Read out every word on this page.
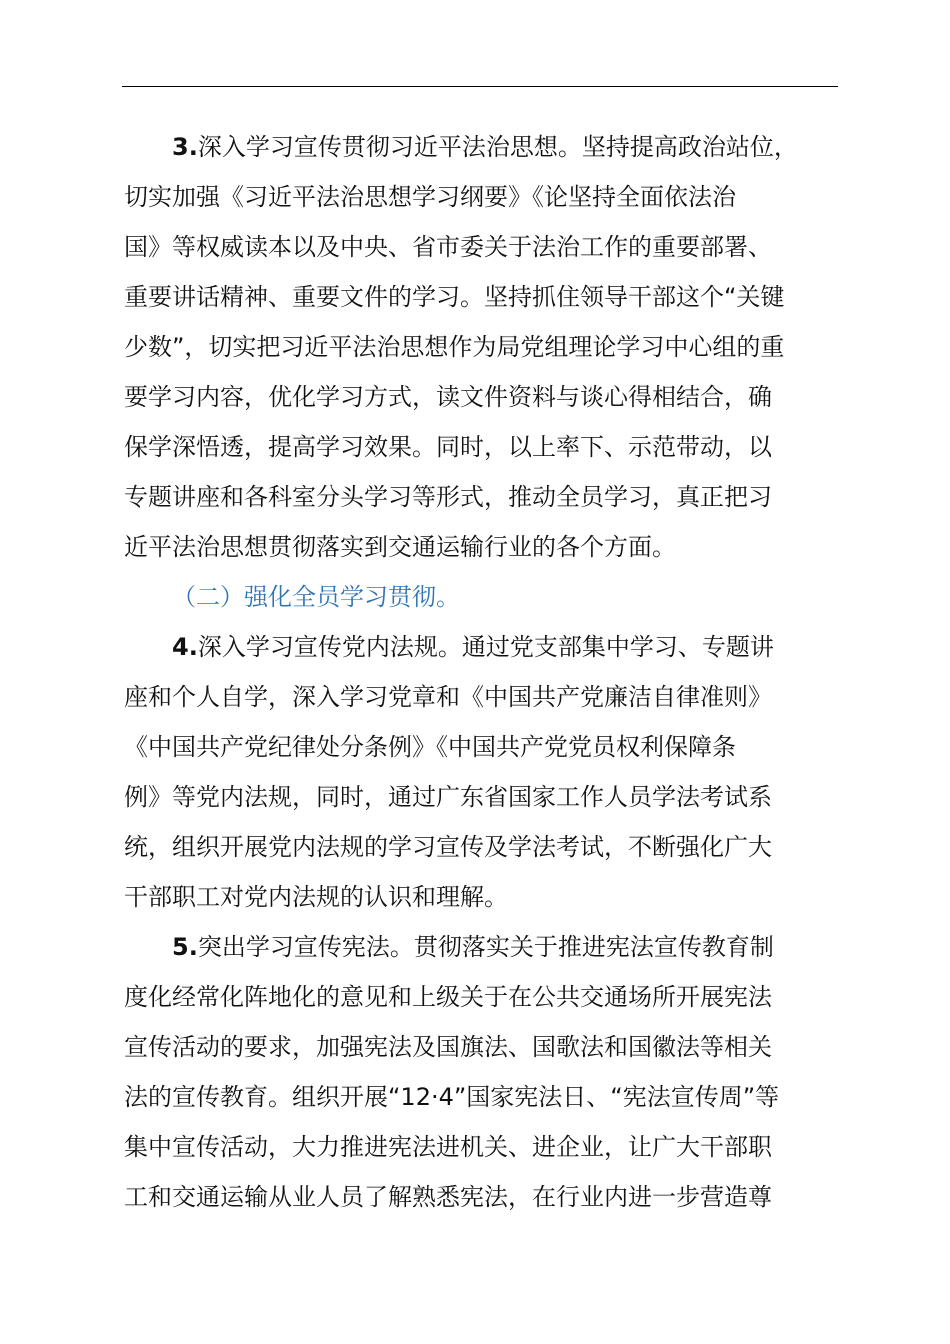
3.深入学习宣传贯彻习近平法治思想。坚持提高政治站位，
切实加强《习近平法治思想学习纲要》《论坚持全面依法治
国》等权威读本以及中央、省市委关于法治工作的重要部署、
重要讲话精神、重要文件的学习。坚持抓住领导干部这个“关键
少数”，切实把习近平法治思想作为局党组理论学习中心组的重
要学习内容，优化学习方式，读文件资料与谈心得相结合，确
保学深悟透，提高学习效果。同时，以上率下、示范带动，以
专题讲座和各科室分头学习等形式，推动全员学习，真正把习
近平法治思想贯彻落实到交通运输行业的各个方面。
（二）强化全员学习贯彻。
4.深入学习宣传党内法规。通过党支部集中学习、专题讲
座和个人自学，深入学习党章和《中国共产党廉洁自律准则》
《中国共产党纪律处分条例》《中国共产党党员权利保障条
例》等党内法规，同时，通过广东省国家工作人员学法考试系
统，组织开展党内法规的学习宣传及学法考试，不断强化广大
干部职工对党内法规的认识和理解。
5.突出学习宣传宪法。贯彻落实关于推进宪法宣传教育制
度化经常化阵地化的意见和上级关于在公共交通场所开展宪法
宣传活动的要求，加强宪法及国旗法、国歌法和国徽法等相关
法的宣传教育。组织开展“12·4”国家宪法日、“宪法宣传周”等
集中宣传活动，大力推进宪法进机关、进企业，让广大干部职
工和交通运输从业人员了解熟悉宪法，在行业内进一步营造尊
